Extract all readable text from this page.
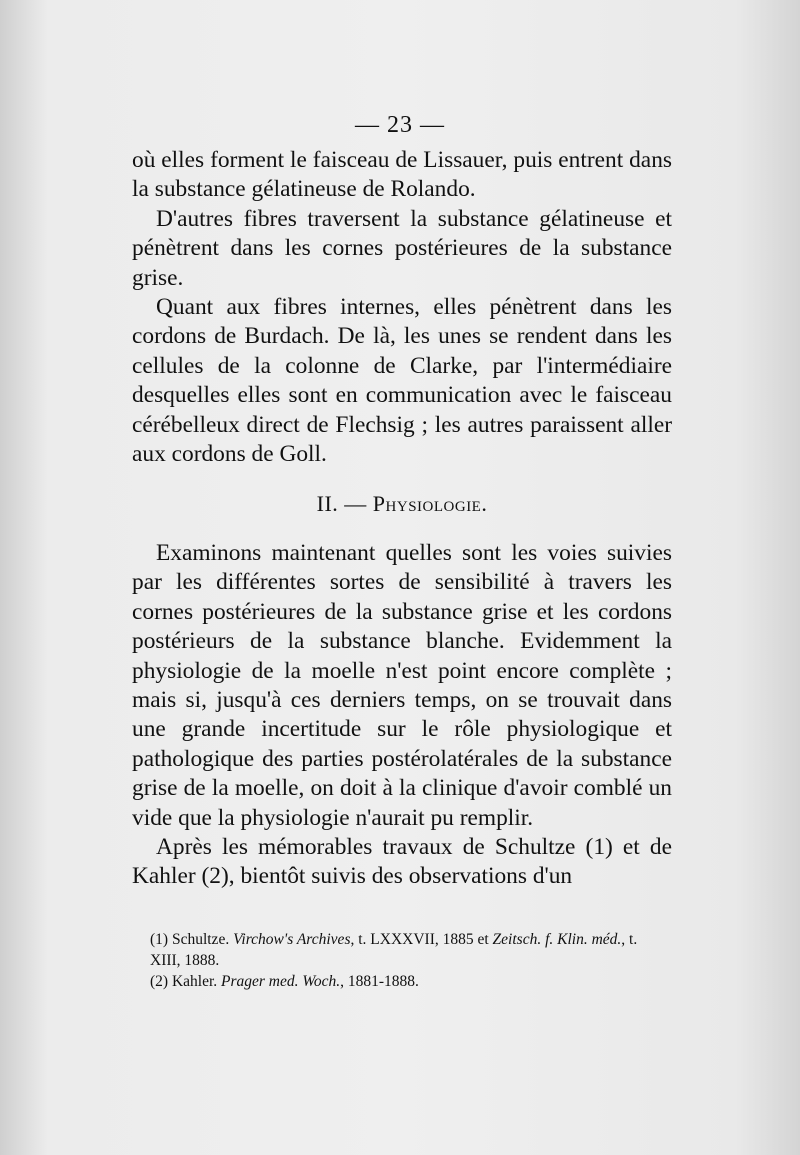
— 23 —

où elles forment le faisceau de Lissauer, puis entrent dans la substance gélatineuse de Rolando.

D'autres fibres traversent la substance gélatineuse et pénètrent dans les cornes postérieures de la substance grise.

Quant aux fibres internes, elles pénètrent dans les cordons de Burdach. De là, les unes se rendent dans les cellules de la colonne de Clarke, par l'intermédiaire desquelles elles sont en communication avec le faisceau cérébelleux direct de Flechsig ; les autres paraissent aller aux cordons de Goll.

II. — Physiologie.

Examinons maintenant quelles sont les voies suivies par les différentes sortes de sensibilité à travers les cornes postérieures de la substance grise et les cordons postérieurs de la substance blanche. Evidemment la physiologie de la moelle n'est point encore complète ; mais si, jusqu'à ces derniers temps, on se trouvait dans une grande incertitude sur le rôle physiologique et pathologique des parties postérolatérales de la substance grise de la moelle, on doit à la clinique d'avoir comblé un vide que la physiologie n'aurait pu remplir.

Après les mémorables travaux de Schultze (1) et de Kahler (2), bientôt suivis des observations d'un

(1) Schultze. Virchow's Archives, t. LXXXVII, 1885 et Zeitsch. f. Klin. méd., t. XIII, 1888.

(2) Kahler. Prager med. Woch., 1881-1888.
